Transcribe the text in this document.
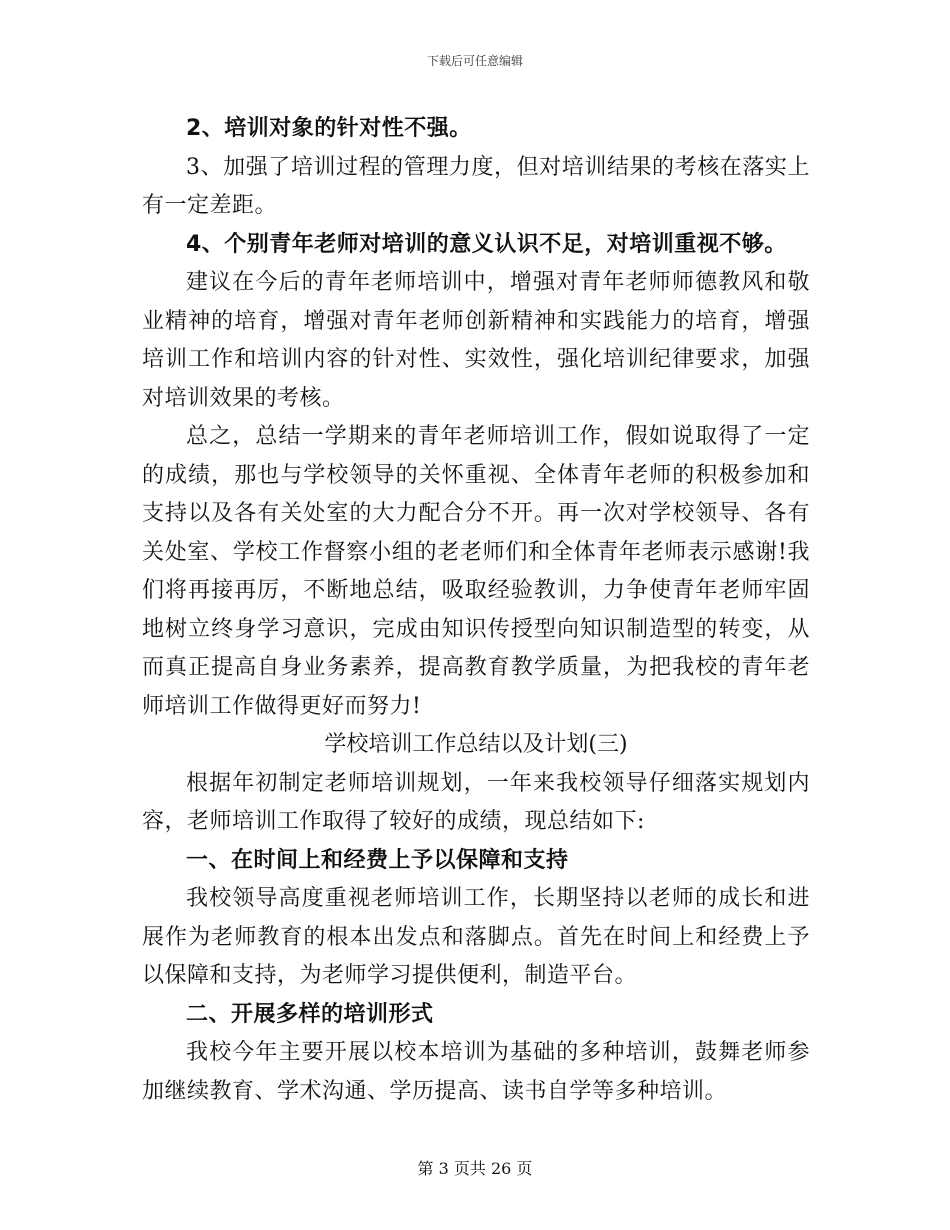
下载后可任意编辑

2、培训对象的针对性不强。

3、加强了培训过程的管理力度，但对培训结果的考核在落实上有一定差距。

4、个别青年老师对培训的意义认识不足，对培训重视不够。

建议在今后的青年老师培训中，增强对青年老师师德教风和敬业精神的培育，增强对青年老师创新精神和实践能力的培育，增强培训工作和培训内容的针对性、实效性，强化培训纪律要求，加强对培训效果的考核。

总之，总结一学期来的青年老师培训工作，假如说取得了一定的成绩，那也与学校领导的关怀重视、全体青年老师的积极参加和支持以及各有关处室的大力配合分不开。再一次对学校领导、各有关处室、学校工作督察小组的老老师们和全体青年老师表示感谢!我们将再接再厉，不断地总结，吸取经验教训，力争使青年老师牢固地树立终身学习意识，完成由知识传授型向知识制造型的转变，从而真正提高自身业务素养，提高教育教学质量，为把我校的青年老师培训工作做得更好而努力!

学校培训工作总结以及计划(三)

根据年初制定老师培训规划，一年来我校领导仔细落实规划内容，老师培训工作取得了较好的成绩，现总结如下:

一、在时间上和经费上予以保障和支持

我校领导高度重视老师培训工作，长期坚持以老师的成长和进展作为老师教育的根本出发点和落脚点。首先在时间上和经费上予以保障和支持，为老师学习提供便利，制造平台。

二、开展多样的培训形式

我校今年主要开展以校本培训为基础的多种培训，鼓舞老师参加继续教育、学术沟通、学历提高、读书自学等多种培训。

第 3 页共 26 页
